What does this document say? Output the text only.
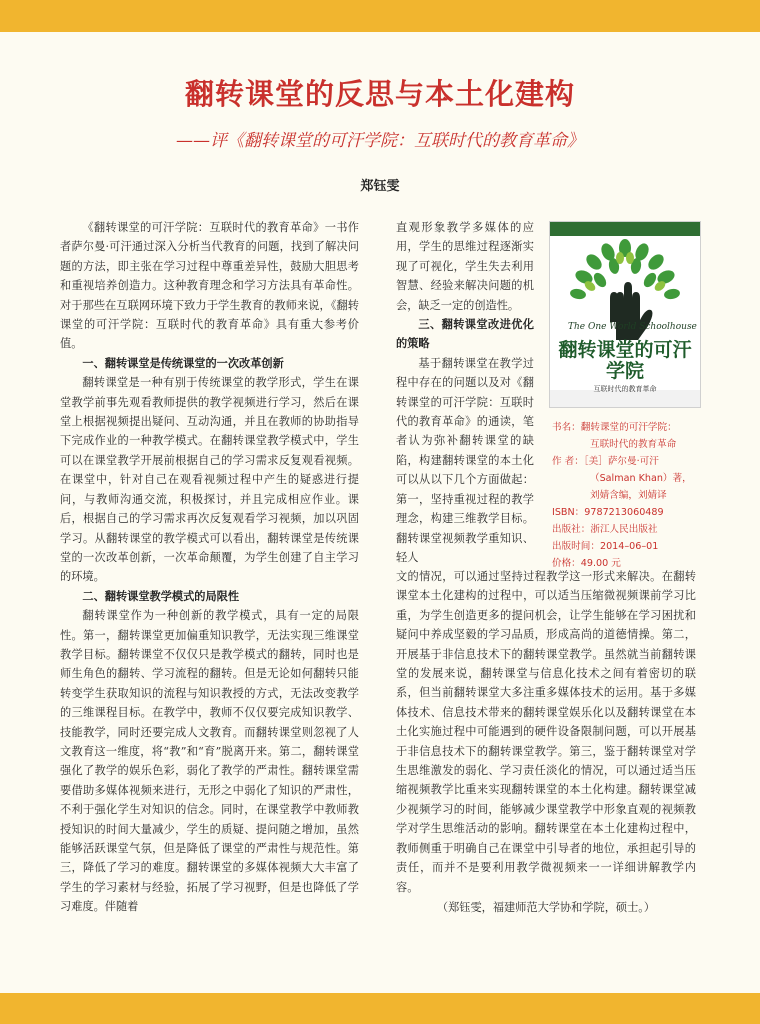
翻转课堂的反思与本土化建构
——评《翻转课堂的可汗学院：互联时代的教育革命》
郑钰雯

《翻转课堂的可汗学院：互联时代的教育革命》一书作者萨尔曼·可汗通过深入分析当代教育的问题，找到了解决问题的方法，即主张在学习过程中尊重差异性，鼓励大胆思考和重视培养创造力。这种教育理念和学习方法具有革命性。对于那些在互联网环境下致力于学生教育的教师来说，《翻转课堂的可汗学院：互联时代的教育革命》具有重大参考价值。

一、翻转课堂是传统课堂的一次改革创新

翻转课堂是一种有别于传统课堂的教学形式，学生在课堂教学前事先观看教师提供的教学视频进行学习，然后在课堂上根据视频提出疑问、互动沟通，并且在教师的协助指导下完成作业的一种教学模式。在翻转课堂教学模式中，学生可以在课堂教学开展前根据自己的学习需求反复观看视频。在课堂中，针对自己在观看视频过程中产生的疑惑进行提问，与教师沟通交流，积极探讨，并且完成相应作业。课后，根据自己的学习需求再次反复观看学习视频，加以巩固学习。从翻转课堂的教学模式可以看出，翻转课堂是传统课堂的一次改革创新，一次革命颠覆，为学生创建了自主学习的环境。

二、翻转课堂教学模式的局限性

翻转课堂作为一种创新的教学模式，具有一定的局限性。第一，翻转课堂更加偏重知识教学，无法实现三维课堂教学目标。翻转课堂不仅仅只是教学模式的翻转，同时也是师生角色的翻转、学习流程的翻转。但是无论如何翻转只能转变学生获取知识的流程与知识教授的方式，无法改变教学的三维课程目标。在教学中，教师不仅仅要完成知识教学、技能教学，同时还要完成人文教育。而翻转课堂则忽视了人文教育这一维度，将“教”和“育”脱离开来。第二，翻转课堂强化了教学的娱乐色彩，弱化了教学的严肃性。翻转课堂需要借助多媒体视频来进行，无形之中弱化了知识的严肃性，不利于强化学生对知识的信念。同时，在课堂教学中教师教授知识的时间大量减少，学生的质疑、提问随之增加，虽然能够活跃课堂气氛，但是降低了课堂的严肃性与规范性。第三，降低了学习的难度。翻转课堂的多媒体视频大大丰富了学生的学习素材与经验，拓展了学习视野，但是也降低了学习难度。伴随着

直观形象教学多媒体的应用，学生的思维过程逐渐实现了可视化，学生失去利用智慧、经验来解决问题的机会，缺乏一定的创造性。

三、翻转课堂改进优化的策略

基于翻转课堂在教学过程中存在的问题以及对《翻转课堂的可汗学院：互联时代的教育革命》的通读，笔者认为弥补翻转课堂的缺陷，构建翻转课堂的本土化可以从以下几个方面做起：第一，坚持重视过程的教学理念，构建三维教学目标。翻转课堂视频教学重知识、轻人

文的情况，可以通过坚持过程教学这一形式来解决。在翻转课堂本土化建构的过程中，可以适当压缩微视频课前学习比重，为学生创造更多的提问机会，让学生能够在学习困扰和疑问中养成坚毅的学习品质，形成高尚的道德情操。第二，开展基于非信息技术下的翻转课堂教学。虽然就当前翻转课堂的发展来说，翻转课堂与信息化技术之间有着密切的联系，但当前翻转课堂大多注重多媒体技术的运用。基于多媒体技术、信息技术带来的翻转课堂娱乐化以及翻转课堂在本土化实施过程中可能遇到的硬件设备限制问题，可以开展基于非信息技术下的翻转课堂教学。第三，鉴于翻转课堂对学生思维激发的弱化、学习责任淡化的情况，可以通过适当压缩视频教学比重来实现翻转课堂的本土化构建。翻转课堂减少视频学习的时间，能够减少课堂教学中形象直观的视频教学对学生思维活动的影响。翻转课堂在本土化建构过程中，教师侧重于明确自己在课堂中引导者的地位，承担起引导的责任，而并不是要利用教学微视频来一一详细讲解教学内容。

（郑钰雯，福建师范大学协和学院，硕士。）

The One World Schoolhouse
翻转课堂的可汗学院
互联时代的教育革命
书名：翻转课堂的可汗学院：
互联时代的教育革命
作 者：［美］萨尔曼·可汗
（Salman Khan）著，
刘婧含编，刘婧译
ISBN：9787213060489
出版社：浙江人民出版社
出版时间：2014–06–01
价格：49.00 元
